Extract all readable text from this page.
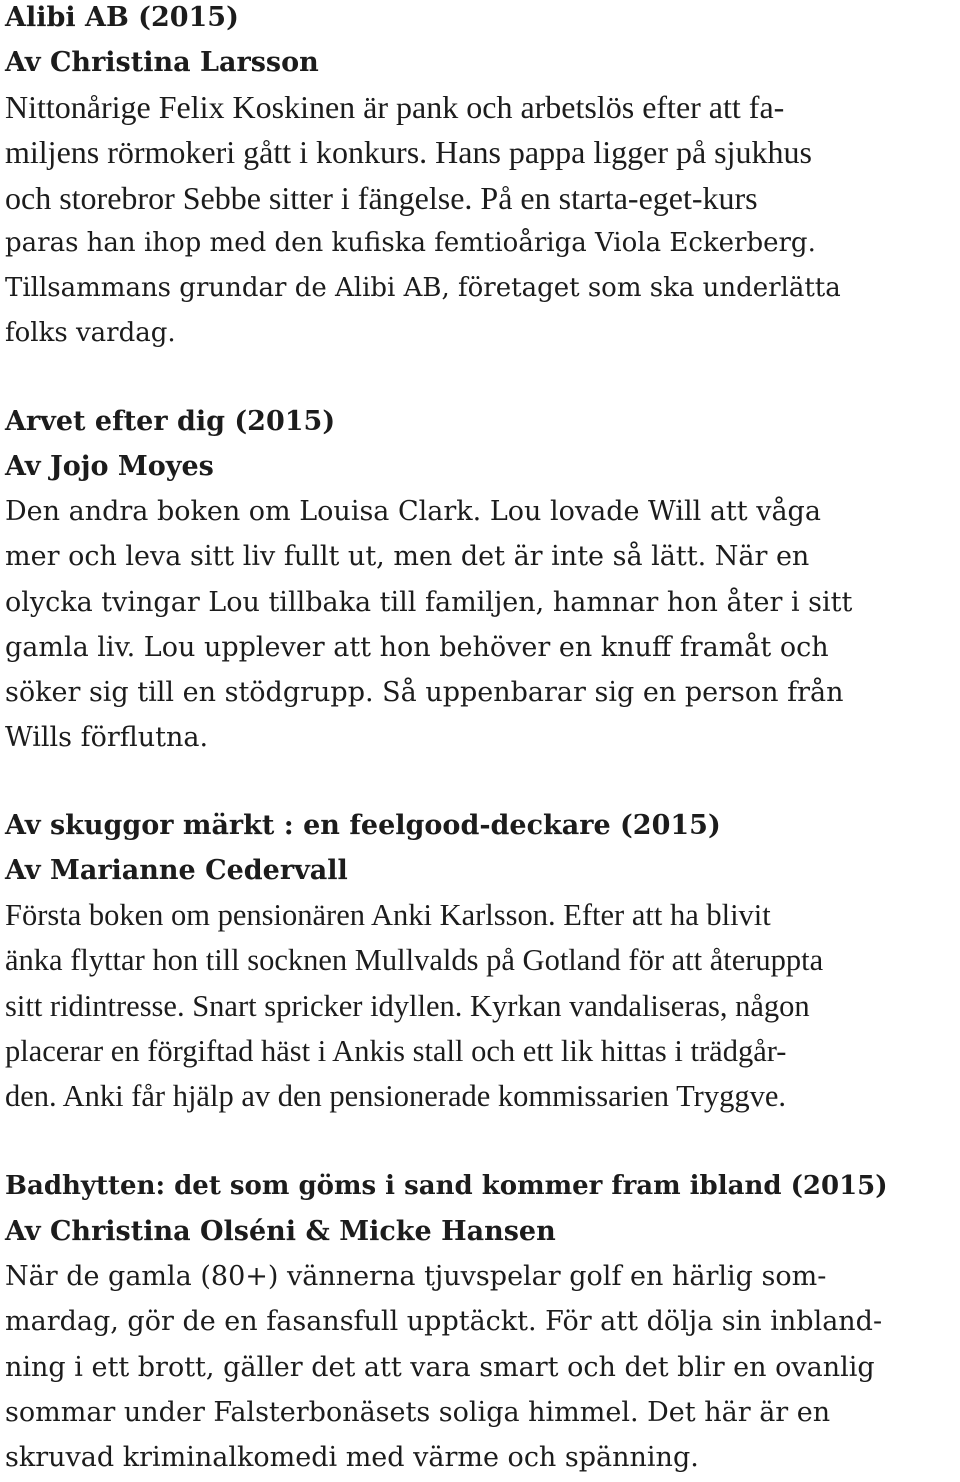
Alibi AB (2015)
Av Christina Larsson

Nittonårige Felix Koskinen är pank och arbetslös efter att fa-
miljens rörmokeri gått i konkurs. Hans pappa ligger på sjukhus
och storebror Sebbe sitter i fängelse. På en starta-eget-kurs
paras han ihop med den kufiska femtioåriga Viola Eckerberg.
Tillsammans grundar de Alibi AB, företaget som ska underlätta
folks vardag.

Arvet efter dig (2015)
Av Jojo Moyes

Den andra boken om Louisa Clark. Lou lovade Will att våga
mer och leva sitt liv fullt ut, men det är inte så lätt. När en
olycka tvingar Lou tillbaka till familjen, hamnar hon åter i sitt
gamla liv. Lou upplever att hon behöver en knuff framåt och
söker sig till en stödgrupp. Så uppenbarar sig en person från
Wills förflutna.

Av skuggor märkt : en feelgood-deckare (2015)
Av Marianne Cedervall

Första boken om pensionären Anki Karlsson. Efter att ha blivit
änka flyttar hon till socknen Mullvalds på Gotland för att återuppta
sitt ridintresse. Snart spricker idyllen. Kyrkan vandaliseras, någon
placerar en förgiftad häst i Ankis stall och ett lik hittas i trädgår-
den. Anki får hjälp av den pensionerade kommissarien Tryggve.

Badhytten: det som göms i sand kommer fram ibland (2015)
Av Christina Olséni & Micke Hansen

När de gamla (80+) vännerna tjuvspelar golf en härlig som-
mardag, gör de en fasansfull upptäckt. För att dölja sin inbland-
ning i ett brott, gäller det att vara smart och det blir en ovanlig
sommar under Falsterbonäsets soliga himmel. Det här är en
skruvad kriminalkomedi med värme och spänning.
